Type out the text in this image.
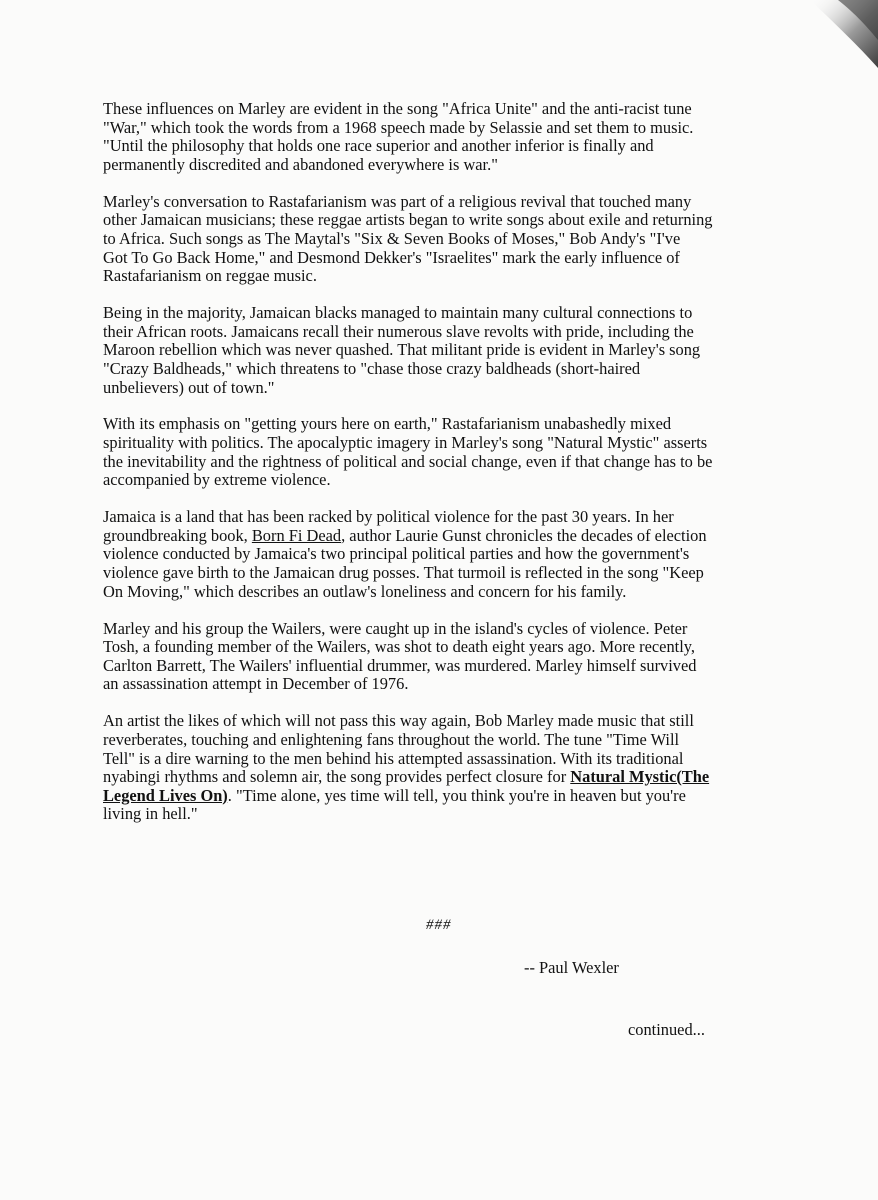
These influences on Marley are evident in the song "Africa Unite" and the anti-racist tune
"War," which took the words from a 1968 speech made by Selassie and set them to music.
"Until the philosophy that holds one race superior and another inferior is finally and
permanently discredited and abandoned everywhere is war."
Marley's conversation to Rastafarianism was part of a religious revival that touched many
other Jamaican musicians; these reggae artists began to write songs about exile and returning
to Africa. Such songs as The Maytal's "Six & Seven Books of Moses," Bob Andy's "I've
Got To Go Back Home," and Desmond Dekker's "Israelites" mark the early influence of
Rastafarianism on reggae music.
Being in the majority, Jamaican blacks managed to maintain many cultural connections to
their African roots. Jamaicans recall their numerous slave revolts with pride, including the
Maroon rebellion which was never quashed. That militant pride is evident in Marley's song
"Crazy Baldheads," which threatens to "chase those crazy baldheads (short-haired
unbelievers) out of town."
With its emphasis on "getting yours here on earth," Rastafarianism unabashedly mixed
spirituality with politics. The apocalyptic imagery in Marley's song "Natural Mystic" asserts
the inevitability and the rightness of political and social change, even if that change has to be
accompanied by extreme violence.
Jamaica is a land that has been racked by political violence for the past 30 years. In her
groundbreaking book, Born Fi Dead, author Laurie Gunst chronicles the decades of election
violence conducted by Jamaica's two principal political parties and how the government's
violence gave birth to the Jamaican drug posses. That turmoil is reflected in the song "Keep
On Moving," which describes an outlaw's loneliness and concern for his family.
Marley and his group the Wailers, were caught up in the island's cycles of violence. Peter
Tosh, a founding member of the Wailers, was shot to death eight years ago. More recently,
Carlton Barrett, The Wailers' influential drummer, was murdered. Marley himself survived
an assassination attempt in December of 1976.
An artist the likes of which will not pass this way again, Bob Marley made music that still
reverberates, touching and enlightening fans throughout the world. The tune "Time Will
Tell" is a dire warning to the men behind his attempted assassination. With its traditional
nyabingi rhythms and solemn air, the song provides perfect closure for Natural Mystic(The
Legend Lives On). "Time alone, yes time will tell, you think you're in heaven but you're
living in hell."
###
-- Paul Wexler
continued...
